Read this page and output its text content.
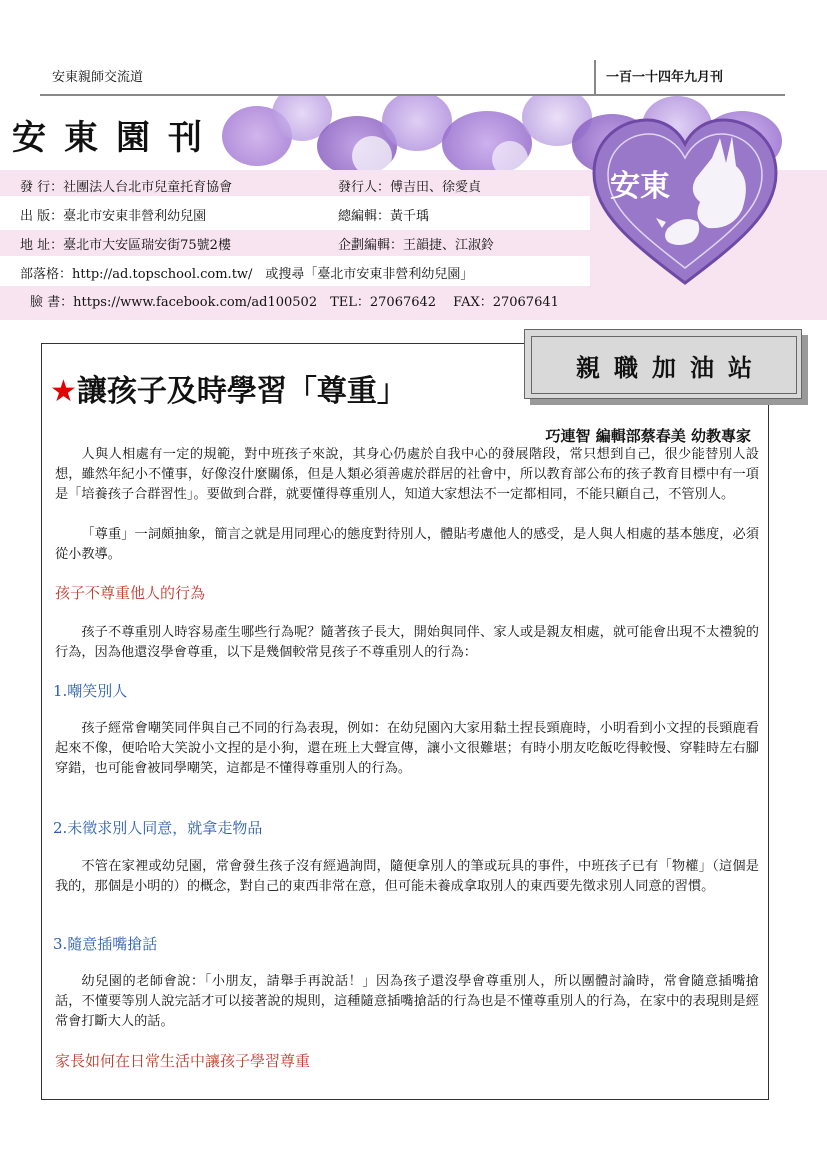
安東親師交流道	一百一十四年九月刊
安東園刊
發 行：社團法人台北市兒童托育協會	發行人：傅吉田、徐愛貞
出 版：臺北市安東非營利幼兒園	總編輯：黃千瑀
地 址：臺北市大安區瑞安街75號2樓	企劃編輯：王韻捷、江淑鈴
部落格：http://ad.topschool.com.tw/　或搜尋「臺北市安東非營利幼兒園」
臉 書：https://www.facebook.com/ad100502　TEL：27067642　 FAX：27067641
安東
親職加油站
★讓孩子及時學習「尊重」
巧連智 編輯部蔡春美 幼教專家

人與人相處有一定的規範，對中班孩子來說，其身心仍處於自我中心的發展階段，常只想到自己，很少能替別人設想，雖然年紀小不懂事，好像沒什麼關係，但是人類必須善處於群居的社會中，所以教育部公布的孩子教育目標中有一項是「培養孩子合群習性」。要做到合群，就要懂得尊重別人，知道大家想法不一定都相同，不能只顧自己，不管別人。

「尊重」一詞頗抽象，簡言之就是用同理心的態度對待別人，體貼考慮他人的感受，是人與人相處的基本態度，必須從小教導。

孩子不尊重他人的行為

孩子不尊重別人時容易產生哪些行為呢？隨著孩子長大，開始與同伴、家人或是親友相處，就可能會出現不太禮貌的行為，因為他還沒學會尊重，以下是幾個較常見孩子不尊重別人的行為：

1.嘲笑別人

孩子經常會嘲笑同伴與自己不同的行為表現，例如：在幼兒園內大家用黏土捏長頸鹿時，小明看到小文捏的長頸鹿看起來不像，便哈哈大笑說小文捏的是小狗，還在班上大聲宣傳，讓小文很難堪；有時小朋友吃飯吃得較慢、穿鞋時左右腳穿錯，也可能會被同學嘲笑，這都是不懂得尊重別人的行為。

2.未徵求別人同意，就拿走物品

不管在家裡或幼兒園，常會發生孩子沒有經過詢問，隨便拿別人的筆或玩具的事件，中班孩子已有「物權」（這個是我的，那個是小明的）的概念，對自己的東西非常在意，但可能未養成拿取別人的東西要先徵求別人同意的習慣。

3.隨意插嘴搶話

幼兒園的老師會說：「小朋友，請舉手再說話！」因為孩子還沒學會尊重別人，所以團體討論時，常會隨意插嘴搶話，不懂要等別人說完話才可以接著說的規則，這種隨意插嘴搶話的行為也是不懂尊重別人的行為，在家中的表現則是經常會打斷大人的話。

家長如何在日常生活中讓孩子學習尊重
